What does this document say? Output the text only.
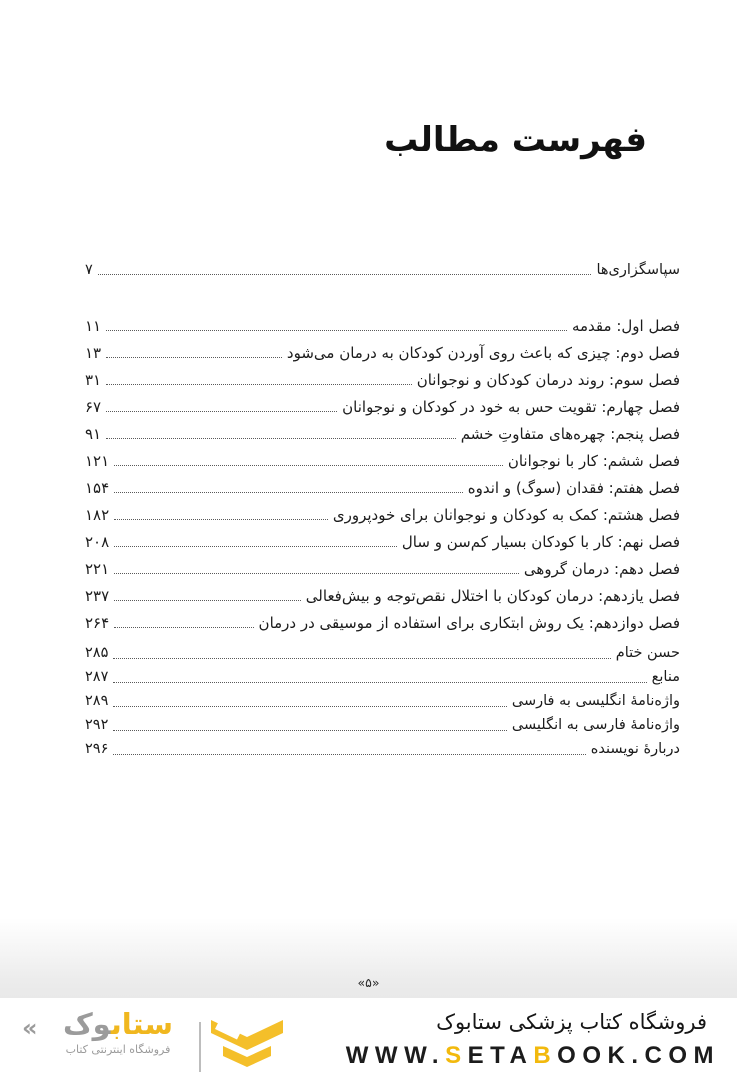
فهرست مطالب
سپاسگزاری‌ها
۷
فصل اول: مقدمه
۱۱
فصل دوم: چیزی که باعث روی آوردن کودکان به درمان می‌شود
۱۳
فصل سوم: روند درمان کودکان و نوجوانان
۳۱
فصل چهارم: تقویت حس به خود در کودکان و نوجوانان
۶۷
فصل پنجم: چهره‌های متفاوتِ خشم
۹۱
فصل ششم: کار با نوجوانان
۱۲۱
فصل هفتم: فقدان (سوگ) و اندوه
۱۵۴
فصل هشتم: کمک به کودکان و نوجوانان برای خودپروری
۱۸۲
فصل نهم: کار با کودکان بسیار کم‌سن و سال
۲۰۸
فصل دهم: درمان گروهی
۲۲۱
فصل یازدهم: درمان کودکان با اختلال نقص‌توجه و بیش‌فعالی
۲۳۷
فصل دوازدهم: یک روش ابتکاری برای استفاده از موسیقی در درمان
۲۶۴
حسن ختام
۲۸۵
منابع
۲۸۷
واژه‌نامهٔ انگلیسی به فارسی
۲۸۹
واژه‌نامهٔ فارسی به انگلیسی
۲۹۲
دربارهٔ نویسنده
۲۹۶
«۵»
«	ستابوک
فروشگاه اینترنتی کتاب
فروشگاه کتاب پزشکی ستابوک
WWW.SETABOOK.COM
